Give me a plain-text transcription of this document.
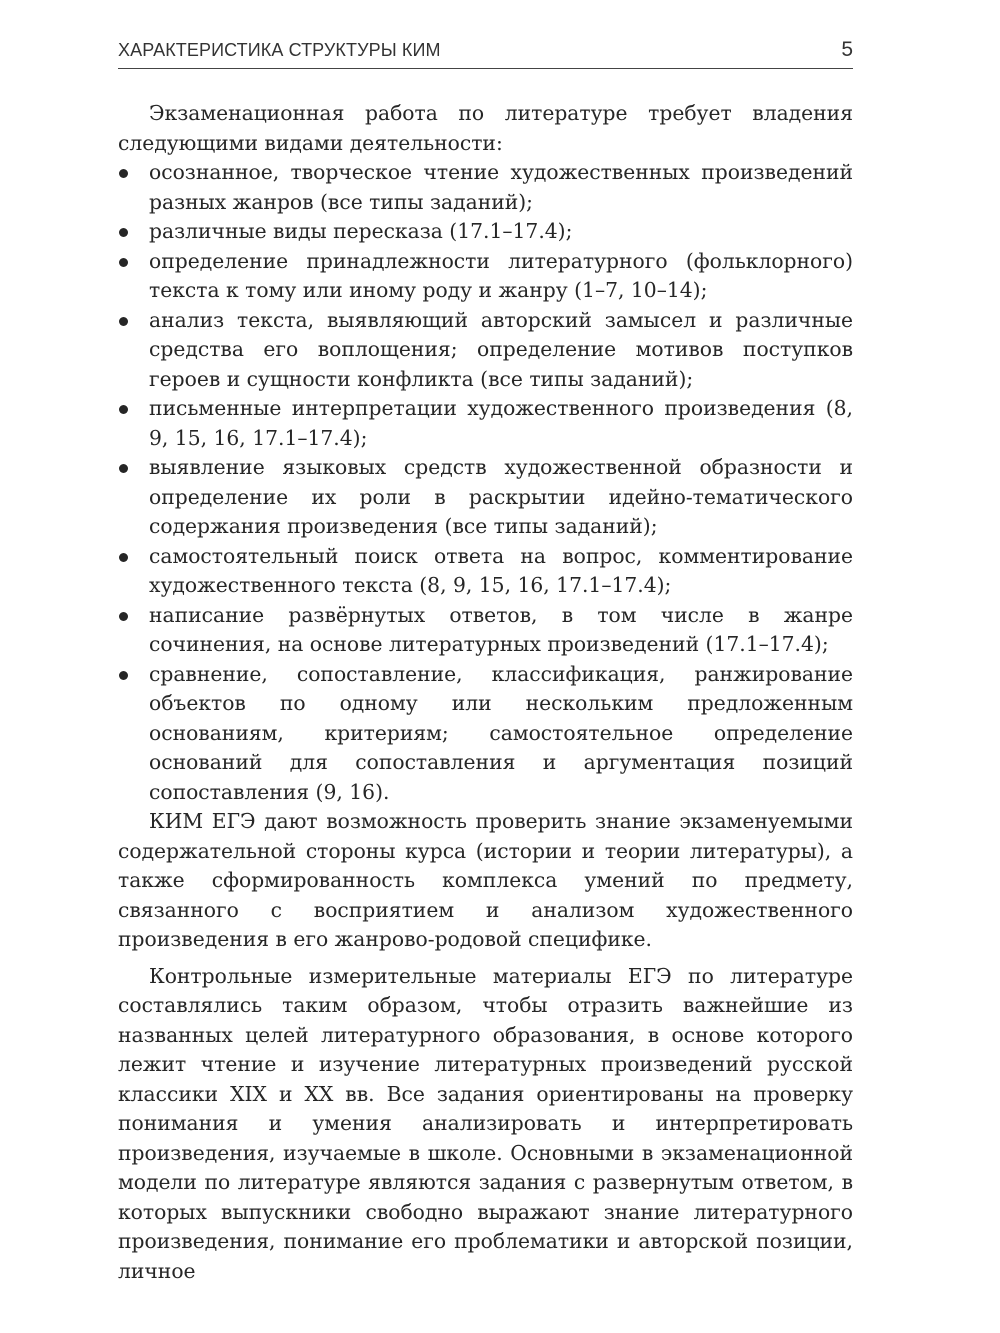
ХАРАКТЕРИСТИКА СТРУКТУРЫ КИМ	5

Экзаменационная работа по литературе требует владения следующими видами деятельности:

осознанное, творческое чтение художественных произведений разных жанров (все типы заданий);
различные виды пересказа (17.1–17.4);
определение принадлежности литературного (фольклорного) текста к тому или иному роду и жанру (1–7, 10–14);
анализ текста, выявляющий авторский замысел и различные средства его воплощения; определение мотивов поступков героев и сущности конфликта (все типы заданий);
письменные интерпретации художественного произведения (8, 9, 15, 16, 17.1–17.4);
выявление языковых средств художественной образности и определение их роли в раскрытии идейно-тематического содержания произведения (все типы заданий);
самостоятельный поиск ответа на вопрос, комментирование художественного текста (8, 9, 15, 16, 17.1–17.4);
написание развёрнутых ответов, в том числе в жанре сочинения, на основе литературных произведений (17.1–17.4);
сравнение, сопоставление, классификация, ранжирование объектов по одному или нескольким предложенным основаниям, критериям; самостоятельное определение оснований для сопоставления и аргументация позиций сопоставления (9, 16).

КИМ ЕГЭ дают возможность проверить знание экзаменуемыми содержательной стороны курса (истории и теории литературы), а также сформированность комплекса умений по предмету, связанного с восприятием и анализом художественного произведения в его жанрово-родовой специфике.

Контрольные измерительные материалы ЕГЭ по литературе составлялись таким образом, чтобы отразить важнейшие из названных целей литературного образования, в основе которого лежит чтение и изучение литературных произведений русской классики XIX и XX вв. Все задания ориентированы на проверку понимания и умения анализировать и интерпретировать произведения, изучаемые в школе. Основными в экзаменационной модели по литературе являются задания с развернутым ответом, в которых выпускники свободно выражают знание литературного произведения, понимание его проблематики и авторской позиции, личное
